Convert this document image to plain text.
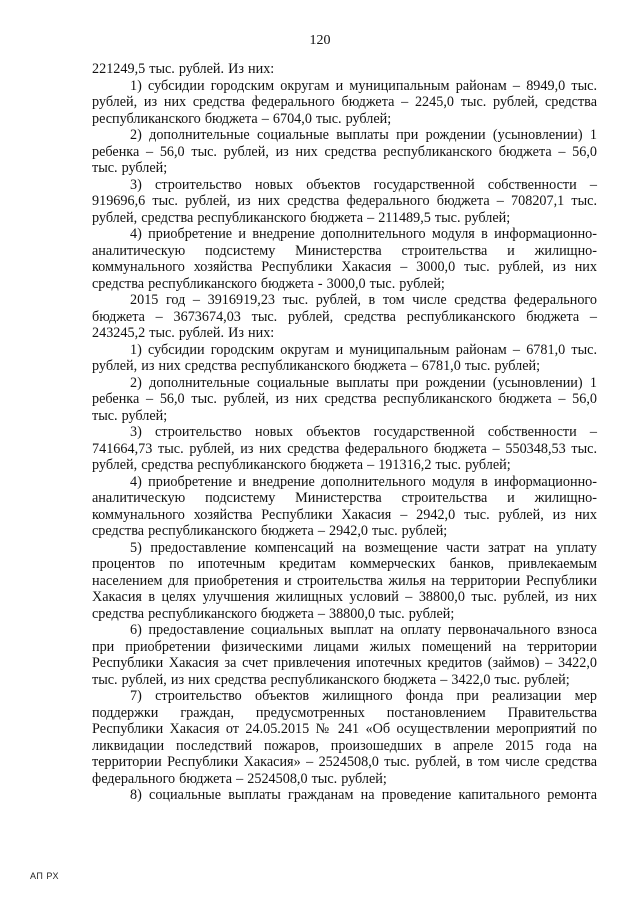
120

221249,5 тыс. рублей. Из них:

1) субсидии городским округам и муниципальным районам – 8949,0 тыс. рублей, из них средства федерального бюджета – 2245,0 тыс. рублей, средства республиканского бюджета – 6704,0 тыс. рублей;

2) дополнительные социальные выплаты при рождении (усыновлении) 1 ребенка – 56,0 тыс. рублей, из них средства республиканского бюджета – 56,0 тыс. рублей;

3) строительство новых объектов государственной собственности – 919696,6 тыс. рублей, из них средства федерального бюджета – 708207,1 тыс. рублей, средства республиканского бюджета – 211489,5 тыс. рублей;

4) приобретение и внедрение дополнительного модуля в информационно-аналитическую подсистему Министерства строительства и жилищно-коммунального хозяйства Республики Хакасия – 3000,0 тыс. рублей, из них средства республиканского бюджета - 3000,0 тыс. рублей;

2015 год – 3916919,23 тыс. рублей, в том числе средства федерального бюджета – 3673674,03 тыс. рублей, средства республиканского бюджета – 243245,2 тыс. рублей. Из них:

1) субсидии городским округам и муниципальным районам – 6781,0 тыс. рублей, из них средства республиканского бюджета – 6781,0 тыс. рублей;

2) дополнительные социальные выплаты при рождении (усыновлении) 1 ребенка – 56,0 тыс. рублей, из них средства республиканского бюджета – 56,0 тыс. рублей;

3) строительство новых объектов государственной собственности – 741664,73 тыс. рублей, из них средства федерального бюджета – 550348,53 тыс. рублей, средства республиканского бюджета – 191316,2 тыс. рублей;

4) приобретение и внедрение дополнительного модуля в информационно-аналитическую подсистему Министерства строительства и жилищно-коммунального хозяйства Республики Хакасия – 2942,0 тыс. рублей, из них средства республиканского бюджета – 2942,0 тыс. рублей;

5) предоставление компенсаций на возмещение части затрат на уплату процентов по ипотечным кредитам коммерческих банков, привлекаемым населением для приобретения и строительства жилья на территории Республики Хакасия в целях улучшения жилищных условий – 38800,0 тыс. рублей, из них средства республиканского бюджета – 38800,0 тыс. рублей;

6) предоставление социальных выплат на оплату первоначального взноса при приобретении физическими лицами жилых помещений на территории Республики Хакасия за счет привлечения ипотечных кредитов (займов) – 3422,0 тыс. рублей, из них средства республиканского бюджета – 3422,0 тыс. рублей;

7) строительство объектов жилищного фонда при реализации мер поддержки граждан, предусмотренных постановлением Правительства Республики Хакасия от 24.05.2015 № 241 «Об осуществлении мероприятий по ликвидации последствий пожаров, произошедших в апреле 2015 года на территории Республики Хакасия» – 2524508,0 тыс. рублей, в том числе средства федерального бюджета – 2524508,0 тыс. рублей;

8) социальные выплаты гражданам на проведение капитального ремонта

АП РХ
